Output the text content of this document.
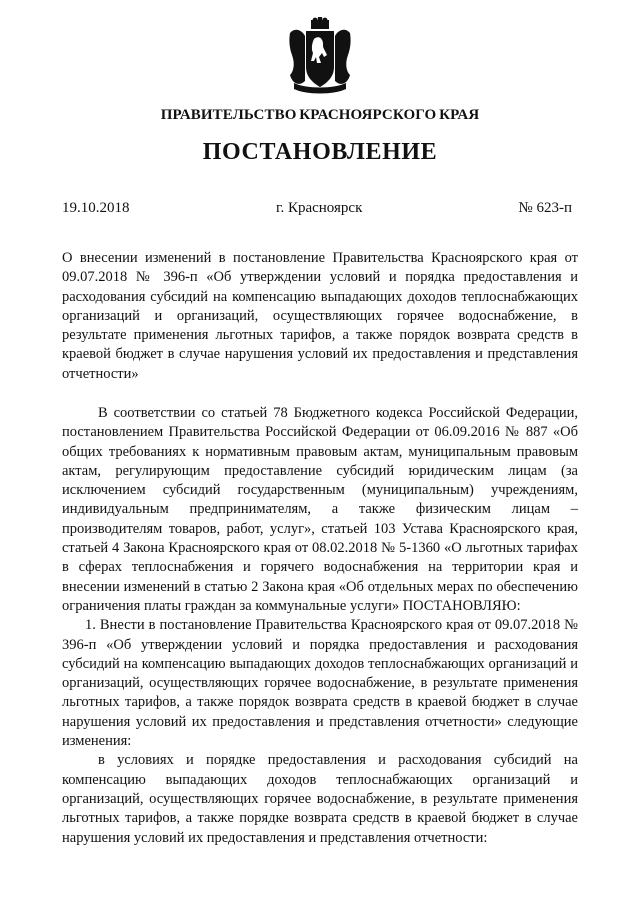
ПРАВИТЕЛЬСТВО КРАСНОЯРСКОГО КРАЯ
ПОСТАНОВЛЕНИЕ
19.10.2018	г. Красноярск	№ 623-п
О внесении изменений в постановление Правительства Красноярского края от 09.07.2018 № 396-п «Об утверждении условий и порядка предоставления и расходования субсидий на компенсацию выпадающих доходов теплоснабжающих организаций и организаций, осуществляющих горячее водоснабжение, в результате применения льготных тарифов, а также порядок возврата средств в краевой бюджет в случае нарушения условий их предоставления и представления отчетности»

В соответствии со статьей 78 Бюджетного кодекса Российской Федерации, постановлением Правительства Российской Федерации от 06.09.2016 № 887 «Об общих требованиях к нормативным правовым актам, муниципальным правовым актам, регулирующим предоставление субсидий юридическим лицам (за исключением субсидий государственным (муниципальным) учреждениям, индивидуальным предпринимателям, а также физическим лицам – производителям товаров, работ, услуг», статьей 103 Устава Красноярского края, статьей 4 Закона Красноярского края от 08.02.2018 № 5-1360 «О льготных тарифах в сферах теплоснабжения и горячего водоснабжения на территории края и внесении изменений в статью 2 Закона края «Об отдельных мерах по обеспечению ограничения платы граждан за коммунальные услуги» ПОСТАНОВЛЯЮ:

1. Внести в постановление Правительства Красноярского края от 09.07.2018 № 396-п «Об утверждении условий и порядка предоставления и расходования субсидий на компенсацию выпадающих доходов теплоснабжающих организаций и организаций, осуществляющих горячее водоснабжение, в результате применения льготных тарифов, а также порядок возврата средств в краевой бюджет в случае нарушения условий их предоставления и представления отчетности» следующие изменения:

в условиях и порядке предоставления и расходования субсидий на компенсацию выпадающих доходов теплоснабжающих организаций и организаций, осуществляющих горячее водоснабжение, в результате применения льготных тарифов, а также порядке возврата средств в краевой бюджет в случае нарушения условий их предоставления и представления отчетности:
